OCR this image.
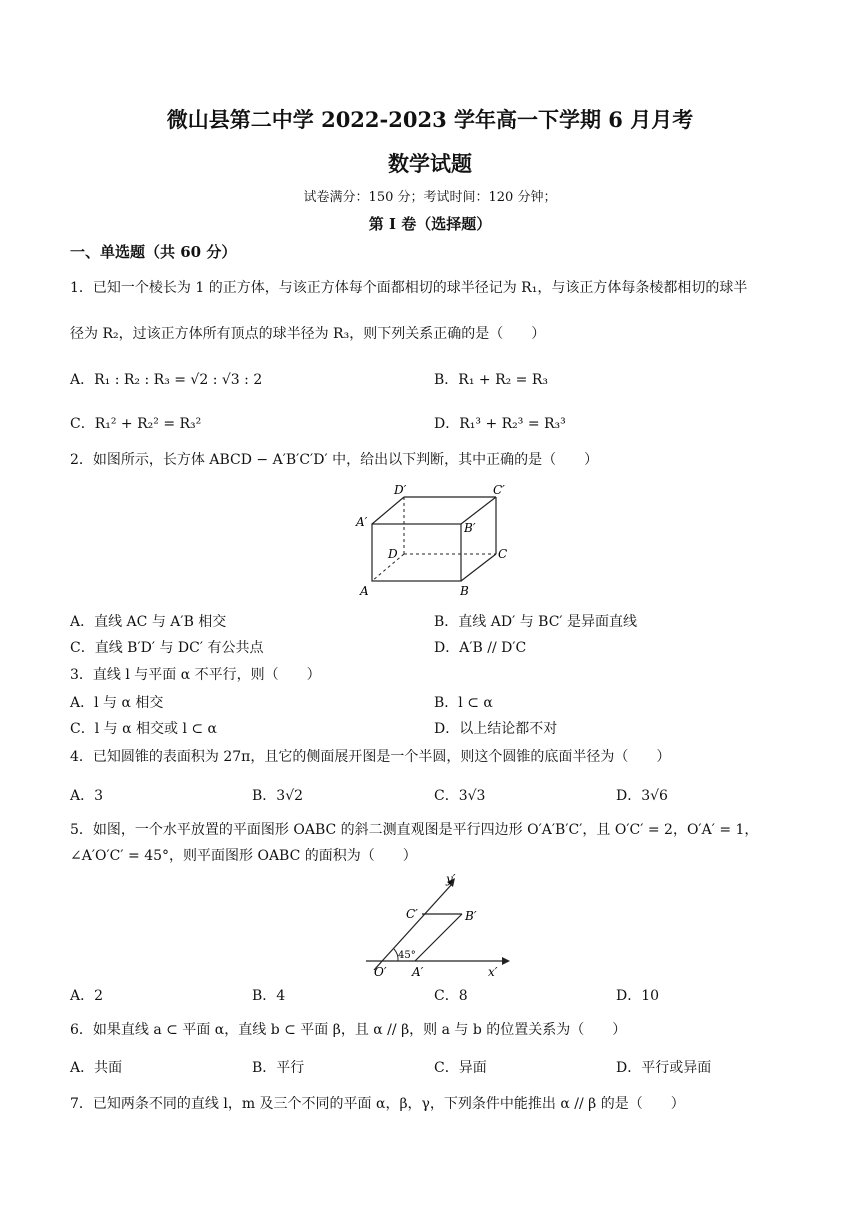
微山县第二中学 2022-2023 学年高一下学期 6 月月考
数学试题
试卷满分：150 分；考试时间：120 分钟；
第 I 卷（选择题）
一、单选题（共 60 分）
1．已知一个棱长为 1 的正方体，与该正方体每个面都相切的球半径记为 R₁，与该正方体每条棱都相切的球半
径为 R₂，过该正方体所有顶点的球半径为 R₃，则下列关系正确的是（　　）
A．R₁ : R₂ : R₃ = √2 : √3 : 2	B．R₁ + R₂ = R₃
C．R₁² + R₂² = R₃²	D．R₁³ + R₂³ = R₃³
2．如图所示，长方体 ABCD − A′B′C′D′ 中，给出以下判断，其中正确的是（　　）
D′	C′
A′	B′
D	C
A	B
A．直线 AC 与 A′B 相交	B．直线 AD′ 与 BC′ 是异面直线
C．直线 B′D′ 与 DC′ 有公共点	D．A′B // D′C
3．直线 l 与平面 α 不平行，则（　　）
A．l 与 α 相交	B．l ⊂ α
C．l 与 α 相交或 l ⊂ α	D．以上结论都不对
4．已知圆锥的表面积为 27π，且它的侧面展开图是一个半圆，则这个圆锥的底面半径为（　　）
A．3	B．3√2	C．3√3	D．3√6
5．如图，一个水平放置的平面图形 OABC 的斜二测直观图是平行四边形 O′A′B′C′，且 O′C′ = 2，O′A′ = 1，
∠A′O′C′ = 45°，则平面图形 OABC 的面积为（　　）
y′
C′	B′
45°
O′ A′	x′
A．2	B．4	C．8	D．10
6．如果直线 a ⊂ 平面 α，直线 b ⊂ 平面 β，且 α // β，则 a 与 b 的位置关系为（　　）
A．共面	B．平行	C．异面	D．平行或异面
7．已知两条不同的直线 l，m 及三个不同的平面 α，β，γ，下列条件中能推出 α // β 的是（　　）
